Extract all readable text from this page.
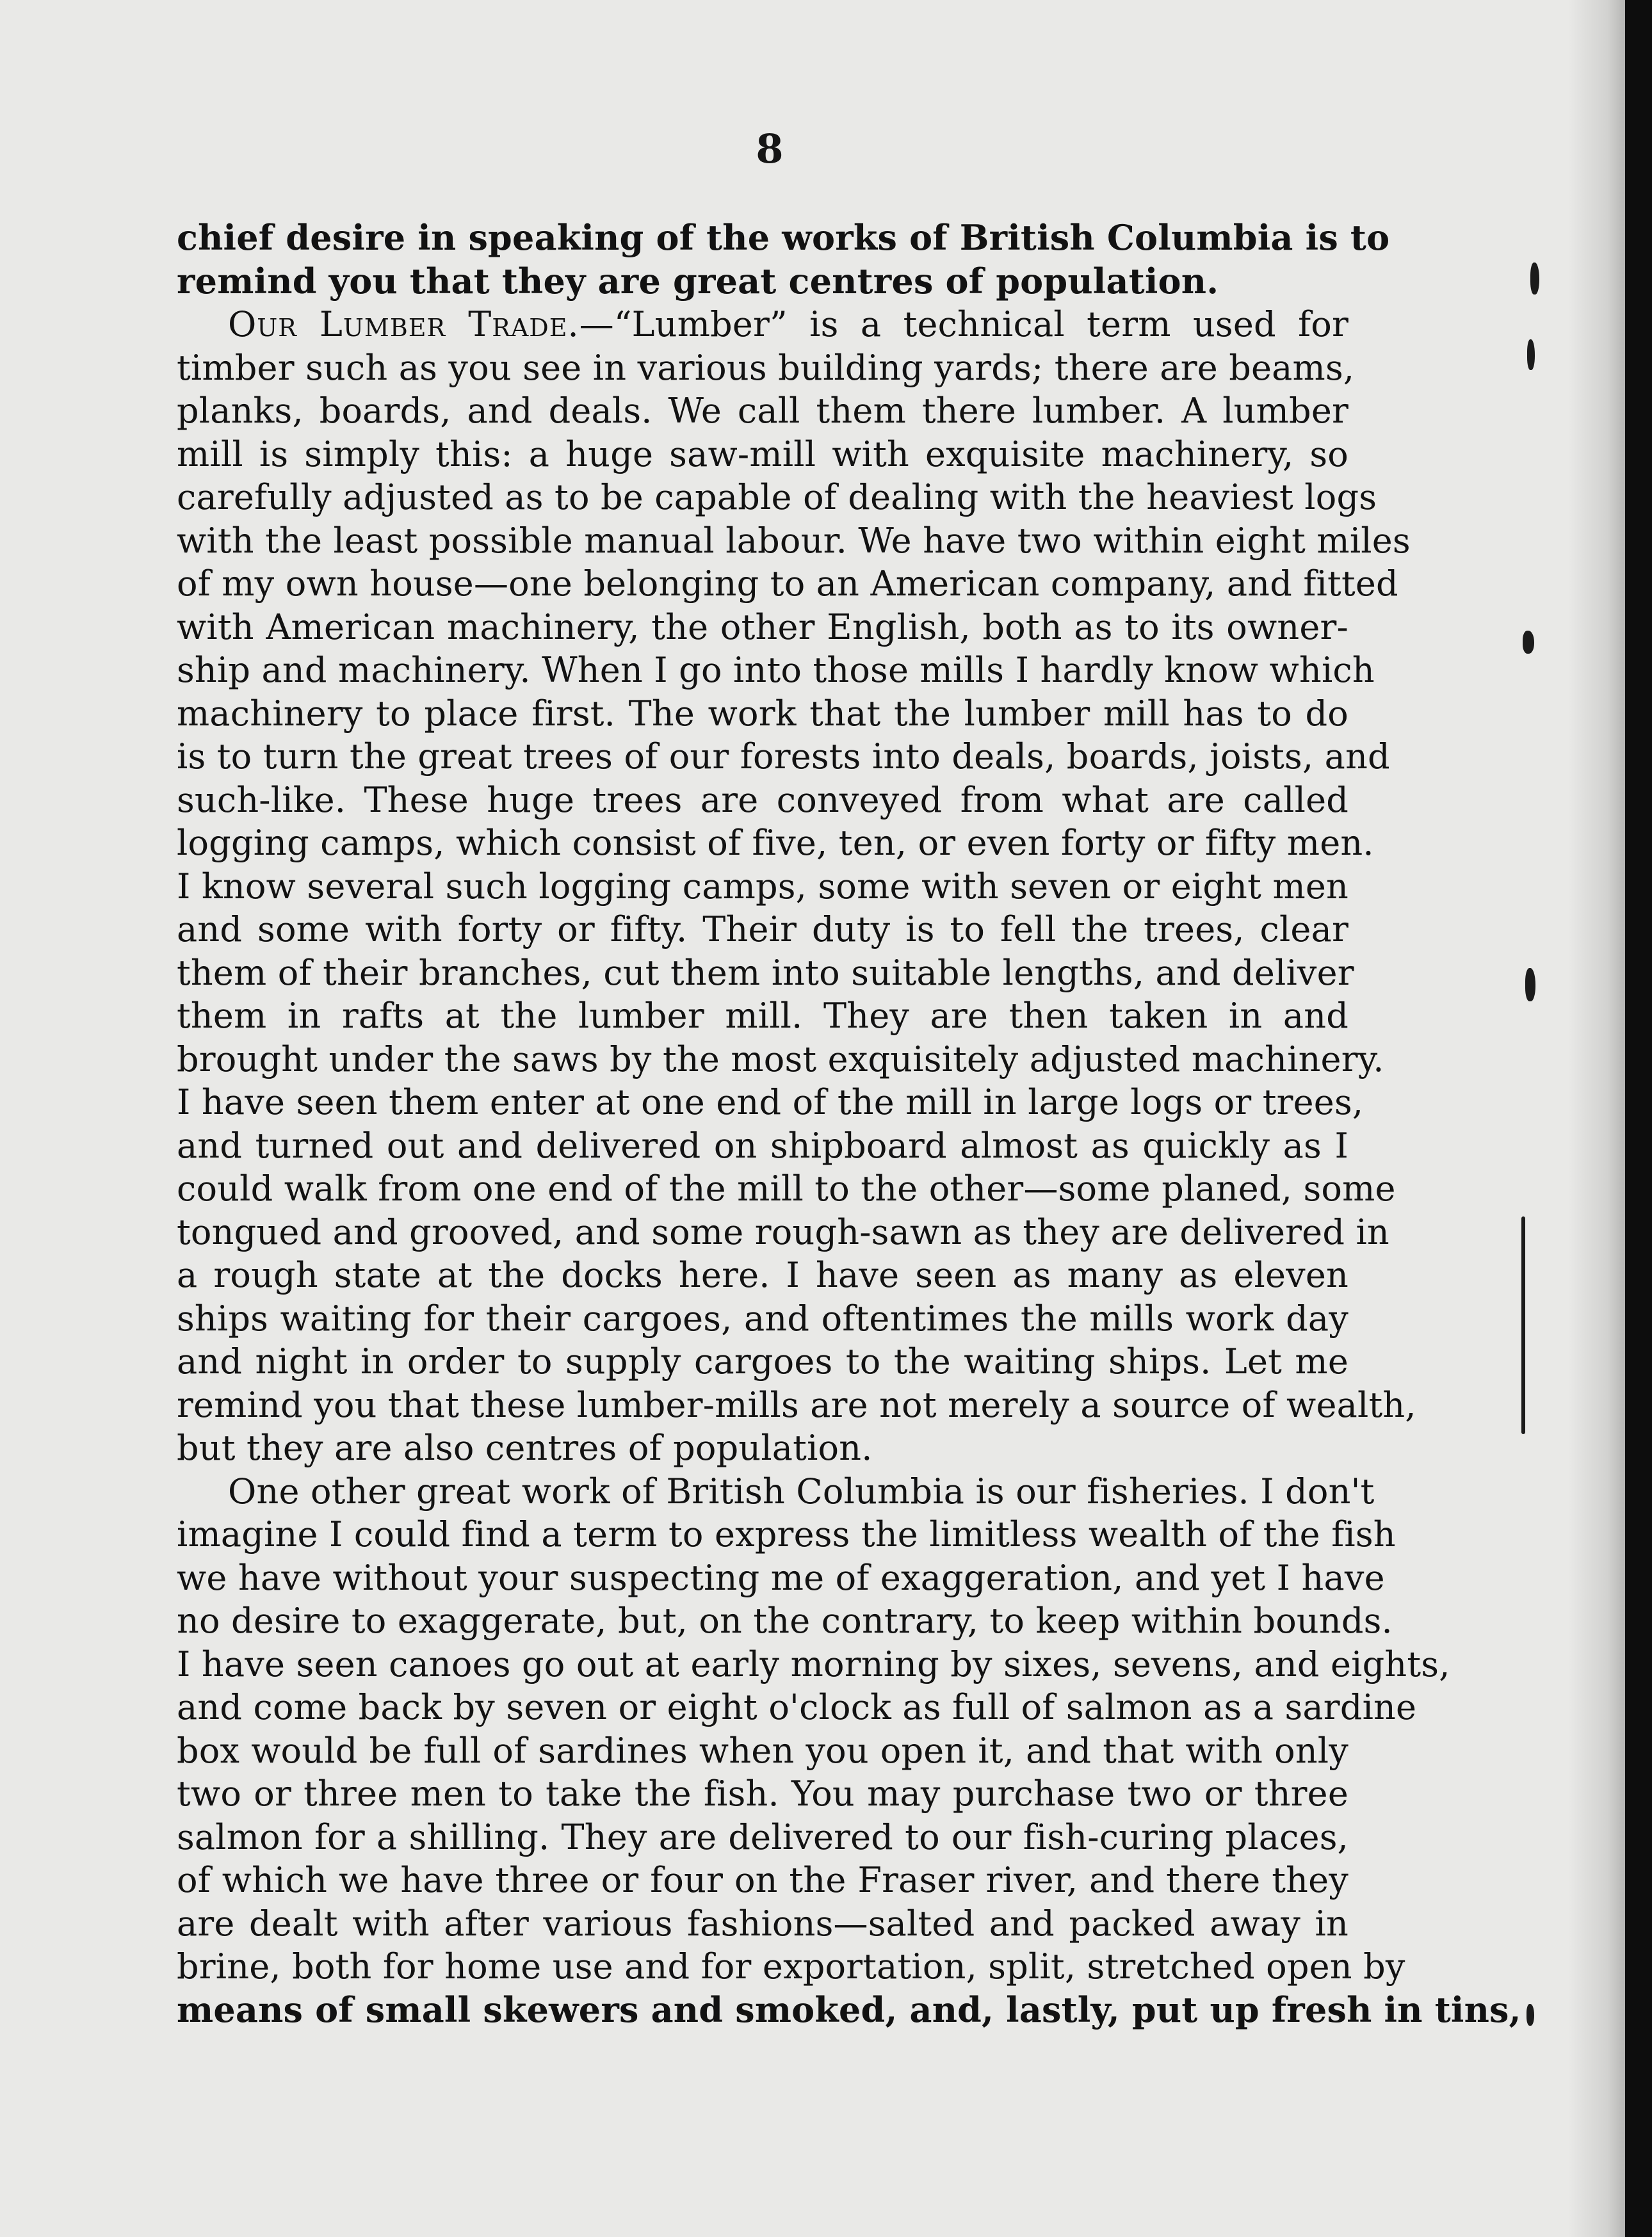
8
chief desire in speaking of the works of British Columbia is to
remind you that they are great centres of population.
Our Lumber Trade.—“Lumber” is a technical term used for
timber such as you see in various building yards; there are beams,
planks, boards, and deals. We call them there lumber. A lumber
mill is simply this: a huge saw-mill with exquisite machinery, so
carefully adjusted as to be capable of dealing with the heaviest logs
with the least possible manual labour. We have two within eight miles
of my own house—one belonging to an American company, and fitted
with American machinery, the other English, both as to its owner-
ship and machinery. When I go into those mills I hardly know which
machinery to place first. The work that the lumber mill has to do
is to turn the great trees of our forests into deals, boards, joists, and
such-like. These huge trees are conveyed from what are called
logging camps, which consist of five, ten, or even forty or fifty men.
I know several such logging camps, some with seven or eight men
and some with forty or fifty. Their duty is to fell the trees, clear
them of their branches, cut them into suitable lengths, and deliver
them in rafts at the lumber mill. They are then taken in and
brought under the saws by the most exquisitely adjusted machinery.
I have seen them enter at one end of the mill in large logs or trees,
and turned out and delivered on shipboard almost as quickly as I
could walk from one end of the mill to the other—some planed, some
tongued and grooved, and some rough-sawn as they are delivered in
a rough state at the docks here. I have seen as many as eleven
ships waiting for their cargoes, and oftentimes the mills work day
and night in order to supply cargoes to the waiting ships. Let me
remind you that these lumber-mills are not merely a source of wealth,
but they are also centres of population.
One other great work of British Columbia is our fisheries. I don't
imagine I could find a term to express the limitless wealth of the fish
we have without your suspecting me of exaggeration, and yet I have
no desire to exaggerate, but, on the contrary, to keep within bounds.
I have seen canoes go out at early morning by sixes, sevens, and eights,
and come back by seven or eight o'clock as full of salmon as a sardine
box would be full of sardines when you open it, and that with only
two or three men to take the fish. You may purchase two or three
salmon for a shilling. They are delivered to our fish-curing places,
of which we have three or four on the Fraser river, and there they
are dealt with after various fashions—salted and packed away in
brine, both for home use and for exportation, split, stretched open by
means of small skewers and smoked, and, lastly, put up fresh in tins,
